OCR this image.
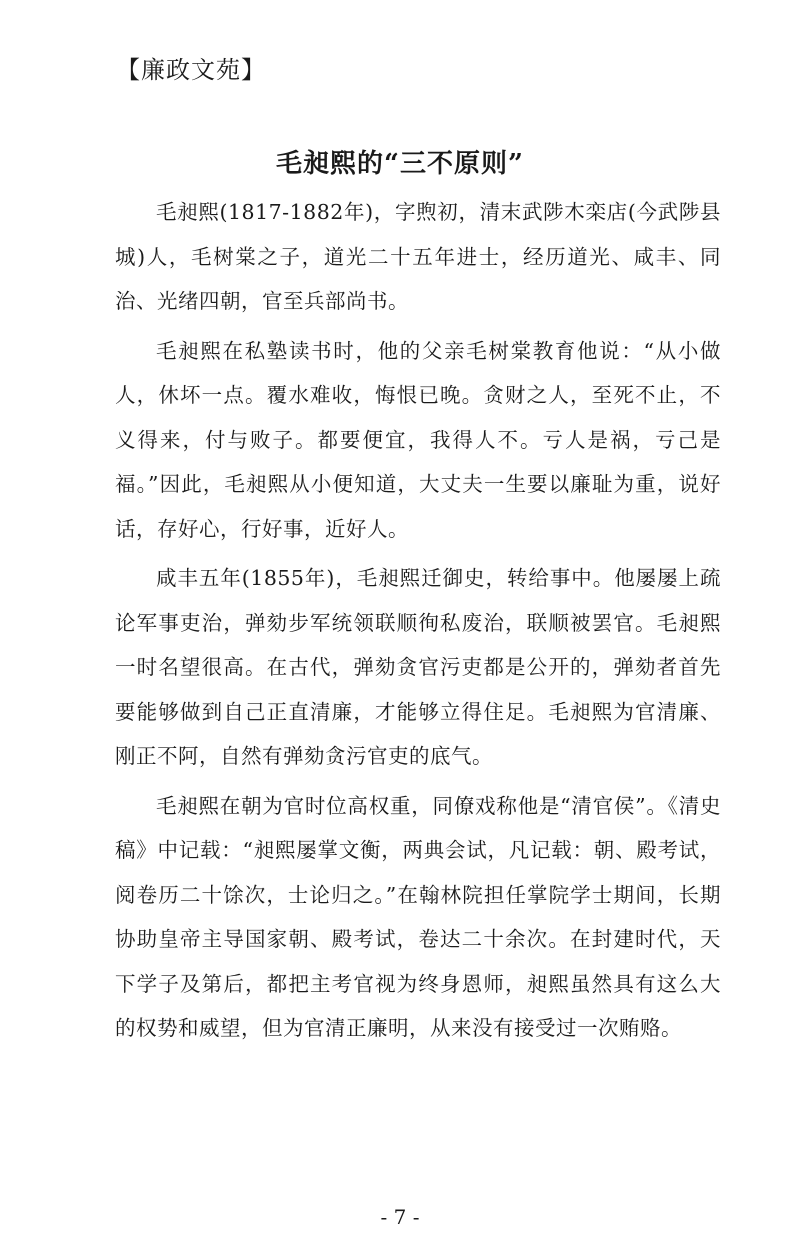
【廉政文苑】
毛昶熙的“三不原则”

毛昶熙(1817-1882年)，字煦初，清末武陟木栾店(今武陟县城)人，毛树棠之子，道光二十五年进士，经历道光、咸丰、同治、光绪四朝，官至兵部尚书。

毛昶熙在私塾读书时，他的父亲毛树棠教育他说：“从小做人，休坏一点。覆水难收，悔恨已晚。贪财之人，至死不止，不义得来，付与败子。都要便宜，我得人不。亏人是祸，亏己是福。”因此，毛昶熙从小便知道，大丈夫一生要以廉耻为重，说好话，存好心，行好事，近好人。

咸丰五年(1855年)，毛昶熙迁御史，转给事中。他屡屡上疏论军事吏治，弹劾步军统领联顺徇私废治，联顺被罢官。毛昶熙一时名望很高。在古代，弹劾贪官污吏都是公开的，弹劾者首先要能够做到自己正直清廉，才能够立得住足。毛昶熙为官清廉、刚正不阿，自然有弹劾贪污官吏的底气。

毛昶熙在朝为官时位高权重，同僚戏称他是“清官侯”。《清史稿》中记载：“昶熙屡掌文衡，两典会试，凡记载：朝、殿考试，阅卷历二十馀次，士论归之。”在翰林院担任掌院学士期间，长期协助皇帝主导国家朝、殿考试，卷达二十余次。在封建时代，天下学子及第后，都把主考官视为终身恩师，昶熙虽然具有这么大的权势和威望，但为官清正廉明，从来没有接受过一次贿赂。

- 7 -
